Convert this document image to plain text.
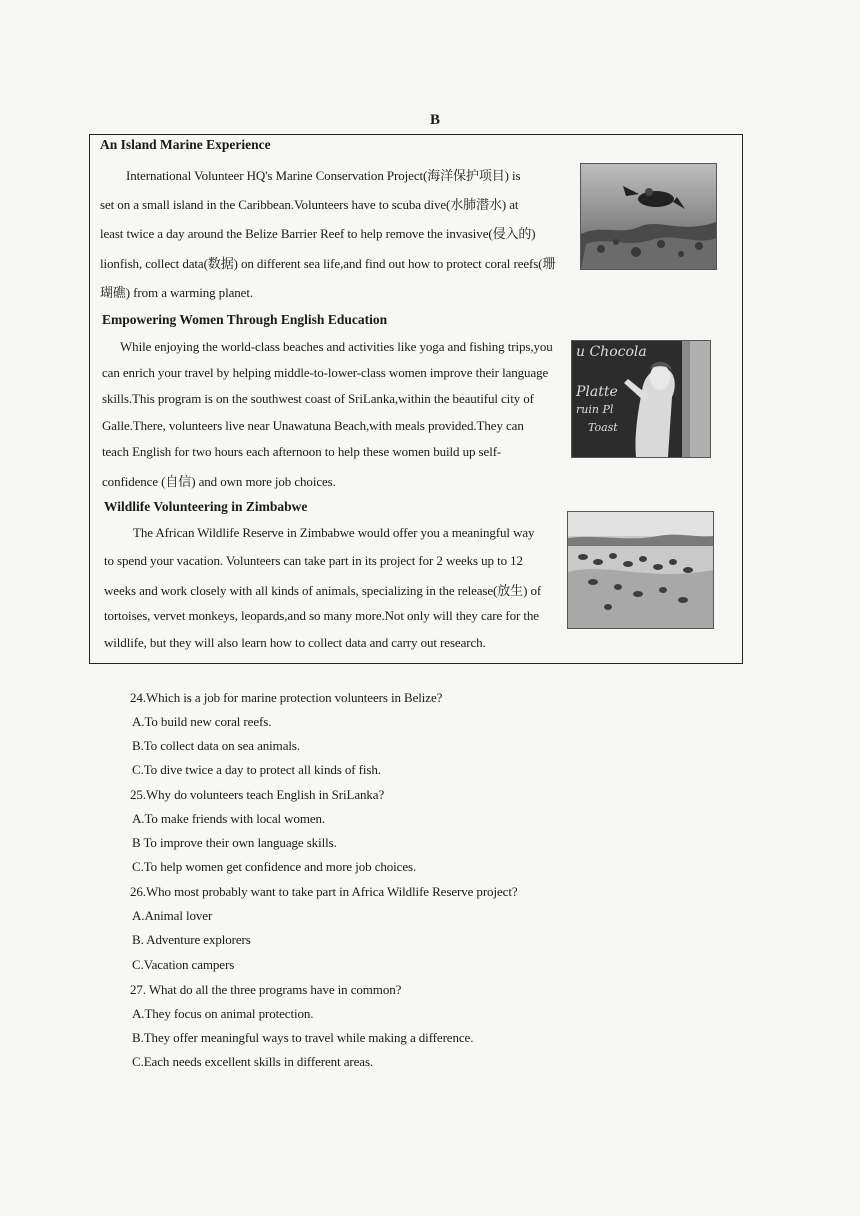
B
An Island Marine Experience
International Volunteer HQ's Marine Conservation Project(海洋保护项目) is
set on a small island in the Caribbean.Volunteers have to scuba dive(水肺潜水) at
least twice a day around the Belize Barrier Reef to help remove the invasive(侵入的)
lionfish, collect data(数据) on different sea life,and find out how to protect coral reefs(珊
瑚礁) from a warming planet.
Empowering Women Through English Education
While enjoying the world-class beaches and activities like yoga and fishing trips,you
can enrich your travel by helping middle-to-lower-class women improve their language
skills.This program is on the southwest coast of SriLanka,within the beautiful city of
Galle.There, volunteers live near Unawatuna Beach,with meals provided.They can
teach English for two hours each afternoon to help these women build up self-
confidence (自信) and own more job choices.
u Chocola
Platte
ruin Pl
Toast
Wildlife Volunteering in Zimbabwe
The African Wildlife Reserve in Zimbabwe would offer you a meaningful way
to spend your vacation. Volunteers can take part in its project for 2 weeks up to 12
weeks and work closely with all kinds of animals, specializing in the release(放生) of
tortoises, vervet monkeys, leopards,and so many more.Not only will they care for the
wildlife, but they will also learn how to collect data and carry out research.
24.Which is a job for marine protection volunteers in Belize?
A.To build new coral reefs.
B.To collect data on sea animals.
C.To dive twice a day to protect all kinds of fish.
25.Why do volunteers teach English in SriLanka?
A.To make friends with local women.
B To improve their own language skills.
C.To help women get confidence and more job choices.
26.Who most probably want to take part in Africa Wildlife Reserve project?
A.Animal lover
B. Adventure explorers
C.Vacation campers
27. What do all the three programs have in common?
A.They focus on animal protection.
B.They offer meaningful ways to travel while making a difference.
C.Each needs excellent skills in different areas.
